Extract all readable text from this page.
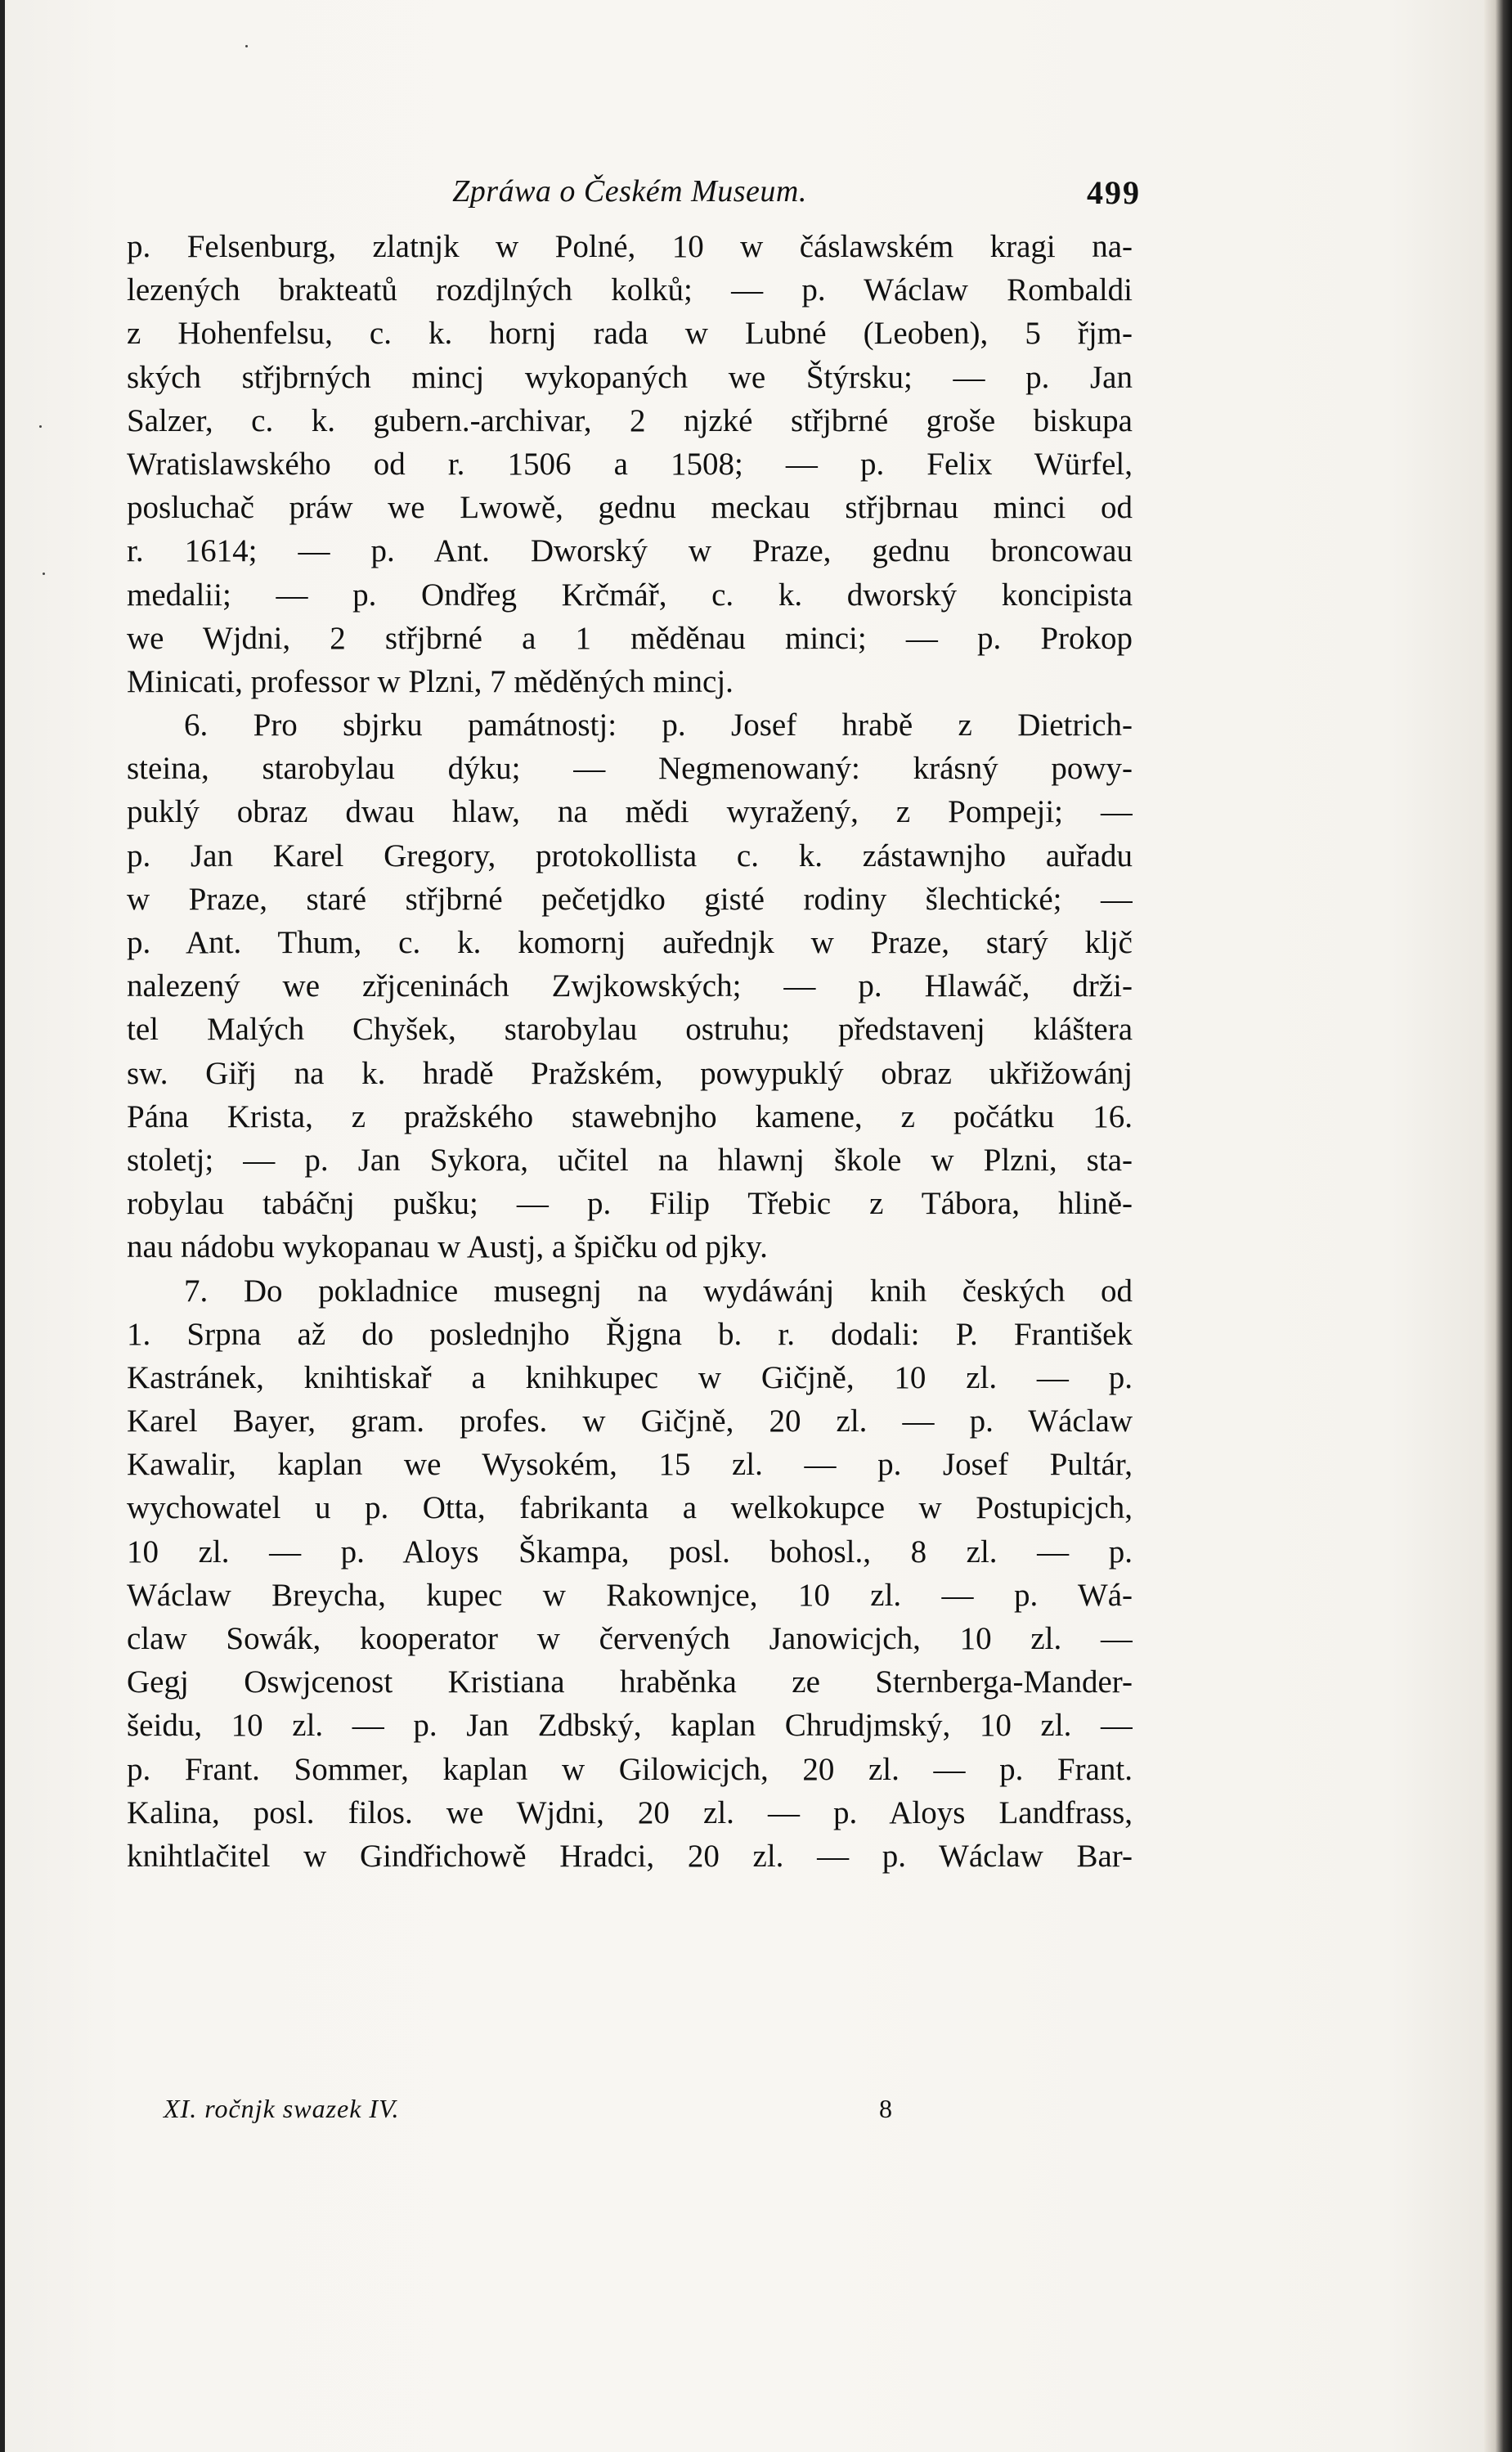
Zpráwa o Českém Museum.	499
p. Felsenburg, zlatnjk w Polné, 10 w čáslawském kragi na-
lezených brakteatů rozdjlných kolků; — p. Wáclaw Rombaldi
z Hohenfelsu, c. k. hornj rada w Lubné (Leoben), 5 řjm-
ských střjbrných mincj wykopaných we Štýrsku; — p. Jan
Salzer, c. k. gubern.-archivar, 2 njzké střjbrné groše biskupa
Wratislawského od r. 1506 a 1508; — p. Felix Würfel,
posluchač práw we Lwowě, gednu meckau střjbrnau minci od
r. 1614; — p. Ant. Dworský w Praze, gednu broncowau
medalii; — p. Ondřeg Krčmář, c. k. dworský koncipista
we Wjdni, 2 střjbrné a 1 měděnau minci; — p. Prokop
Minicati, professor w Plzni, 7 měděných mincj.
6. Pro sbjrku památnostj: p. Josef hrabě z Dietrich-
steina, starobylau dýku; — Negmenowaný: krásný powy-
puklý obraz dwau hlaw, na mědi wyražený, z Pompeji; —
p. Jan Karel Gregory, protokollista c. k. zástawnjho auřadu
w Praze, staré střjbrné pečetjdko gisté rodiny šlechtické; —
p. Ant. Thum, c. k. komornj auřednjk w Praze, starý kljč
nalezený we zřjceninách Zwjkowských; — p. Hlawáč, drži-
tel Malých Chyšek, starobylau ostruhu; představenj kláštera
sw. Giřj na k. hradě Pražském, powypuklý obraz ukřižowánj
Pána Krista, z pražského stawebnjho kamene, z počátku 16.
stoletj; — p. Jan Sykora, učitel na hlawnj škole w Plzni, sta-
robylau tabáčnj pušku; — p. Filip Třebic z Tábora, hlině-
nau nádobu wykopanau w Austj, a špičku od pjky.
7. Do pokladnice musegnj na wydáwánj knih českých od
1. Srpna až do poslednjho Řjgna b. r. dodali: P. František
Kastránek, knihtiskař a knihkupec w Gičjně, 10 zl. — p.
Karel Bayer, gram. profes. w Gičjně, 20 zl. — p. Wáclaw
Kawalir, kaplan we Wysokém, 15 zl. — p. Josef Pultár,
wychowatel u p. Otta, fabrikanta a welkokupce w Postupicjch,
10 zl. — p. Aloys Škampa, posl. bohosl., 8 zl. — p.
Wáclaw Breycha, kupec w Rakownjce, 10 zl. — p. Wá-
claw Sowák, kooperator w červených Janowicjch, 10 zl. —
Gegj Oswjcenost Kristiana hraběnka ze Sternberga-Mander-
šeidu, 10 zl. — p. Jan Zdbský, kaplan Chrudjmský, 10 zl. —
p. Frant. Sommer, kaplan w Gilowicjch, 20 zl. — p. Frant.
Kalina, posl. filos. we Wjdni, 20 zl. — p. Aloys Landfrass,
knihtlačitel w Gindřichowě Hradci, 20 zl. — p. Wáclaw Bar-
XI. ročnjk swazek IV.	8
